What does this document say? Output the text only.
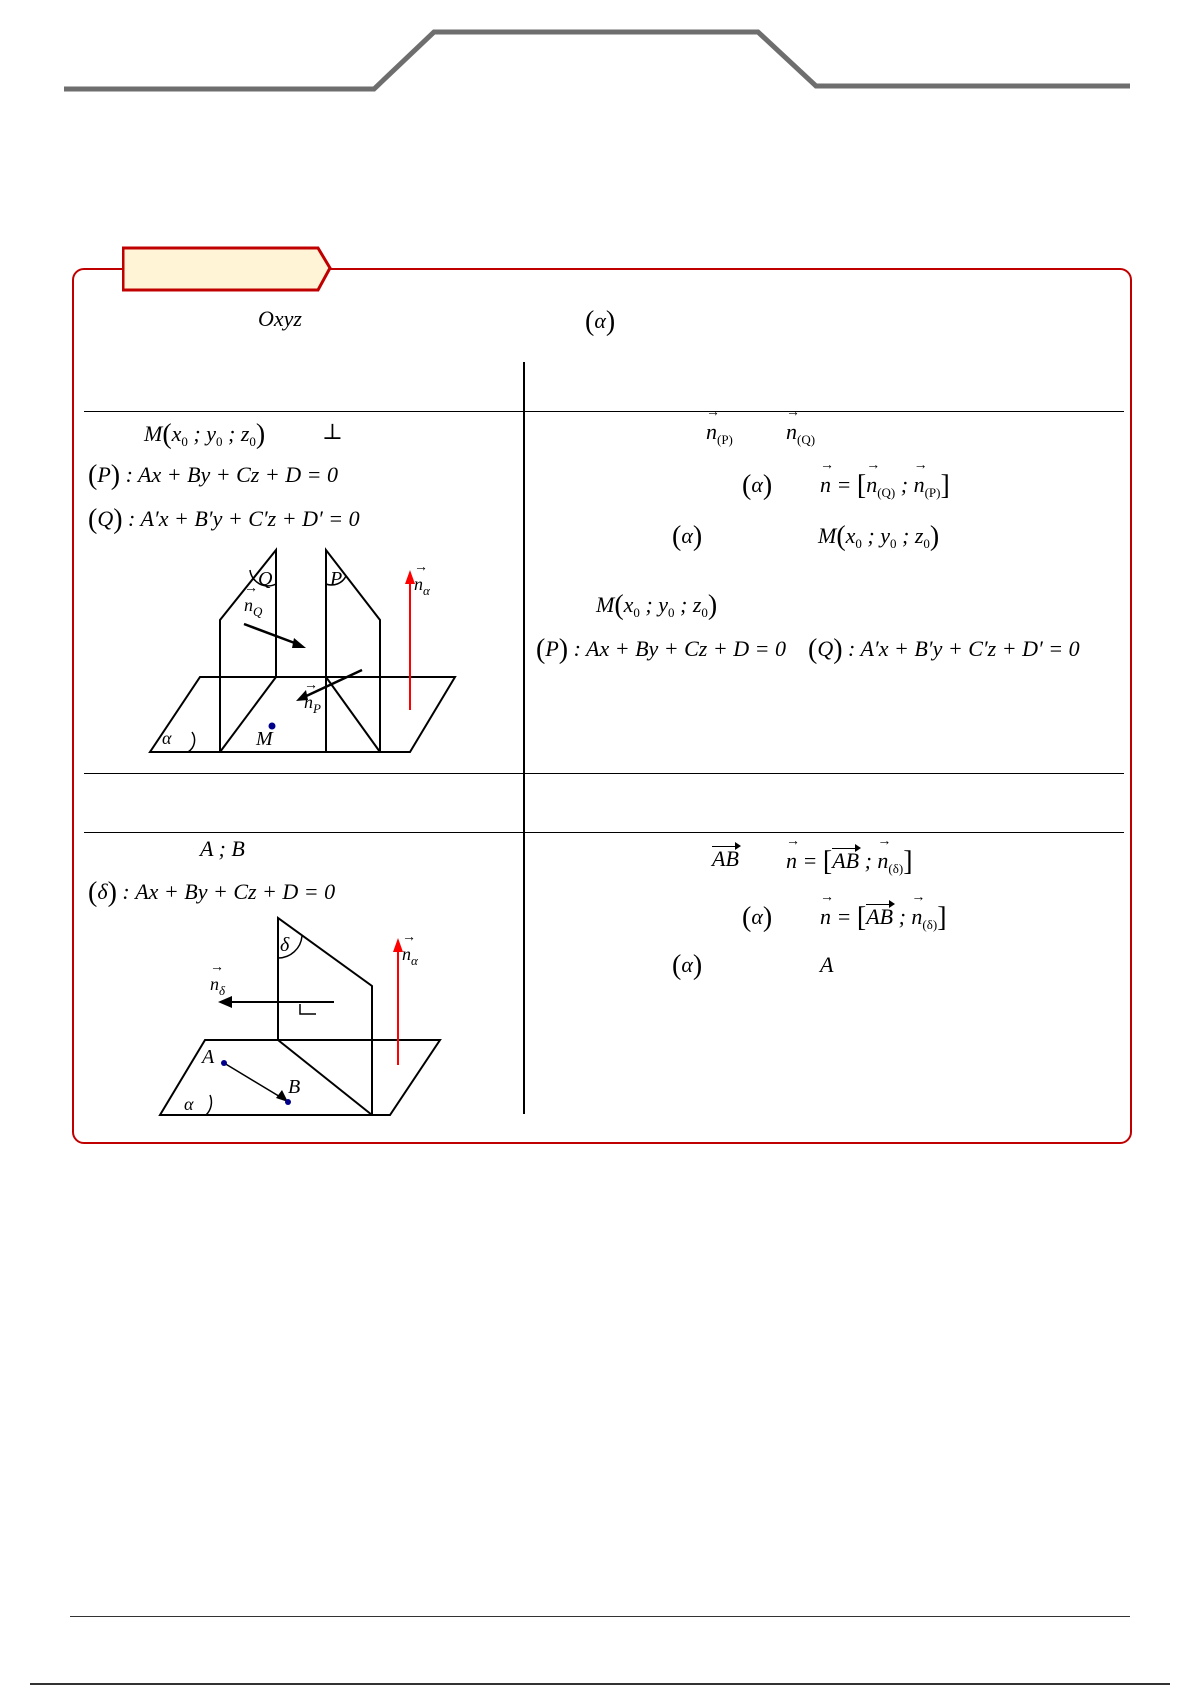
Oxyz	(α)
$M(x_0$ ; $y_0$ ; $z_0$)	⊥
(P) : Ax + By + Cz + D = 0
(Q) : A′x + B′y + C′z + D′ = 0
Q	P
→ $n_Q$
→ $n_P$
→ $n_\alpha$
α	M
→ $n_{(P)}$
→ $n_{(Q)}$
(α)
→ n = [→ $n_{(Q)}$ ; → $n_{(P)}$]
(α)	$M(x_0$ ; $y_0$ ; $z_0$)
$M(x_0$ ; $y_0$ ; $z_0$)
(P) : Ax + By + Cz + D = 0 (Q) : A′x + B′y + C′z + D′ = 0
A ; B
(δ) : Ax + By + Cz + D = 0
δ
→ $n_\delta$
→ $n_\alpha$
A
B
α
AB
→ n = [AB ; → $n_{(\delta)}$]
(α)
→ n = [AB ; → $n_{(\delta)}$]
(α)	A
